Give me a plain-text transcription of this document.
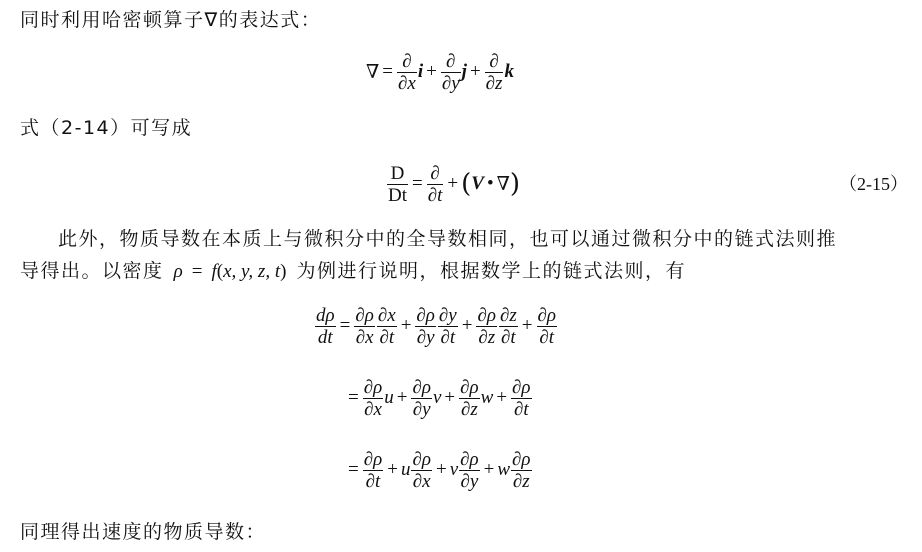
同时利用哈密顿算子∇的表达式：
∇ = $\frac{\partial}{\partial x}$ $i + \frac{\partial}{\partial y}$ $j + \frac{\partial}{\partial z}$ k
式（2-14）可写成
$\frac{D}{Dt} = \frac{\partial}{\partial t}$ + ( V • ∇ )	（2-15）
此外，物质导数在本质上与微积分中的全导数相同，也可以通过微积分中的链式法则推
导得出。以密度 ρ = f(x, y, z, t) 为例进行说明，根据数学上的链式法则，有
$\frac{d\rho}{dt} = \frac{\partial\rho}{\partial x} \frac{\partial x}{\partial t} + \frac{\partial\rho}{\partial y} \frac{\partial y}{\partial t} + \frac{\partial\rho}{\partial z} \frac{\partial z}{\partial t} + \frac{\partial\rho}{\partial t}$
= $\frac{\partial\rho}{\partial x}$ $u + \frac{\partial\rho}{\partial y}$ $v + \frac{\partial\rho}{\partial z}$ $w + \frac{\partial\rho}{\partial t}$
= $\frac{\partial\rho}{\partial t} + u \frac{\partial\rho}{\partial x} + v \frac{\partial\rho}{\partial y} + w \frac{\partial\rho}{\partial z}$
同理得出速度的物质导数：
